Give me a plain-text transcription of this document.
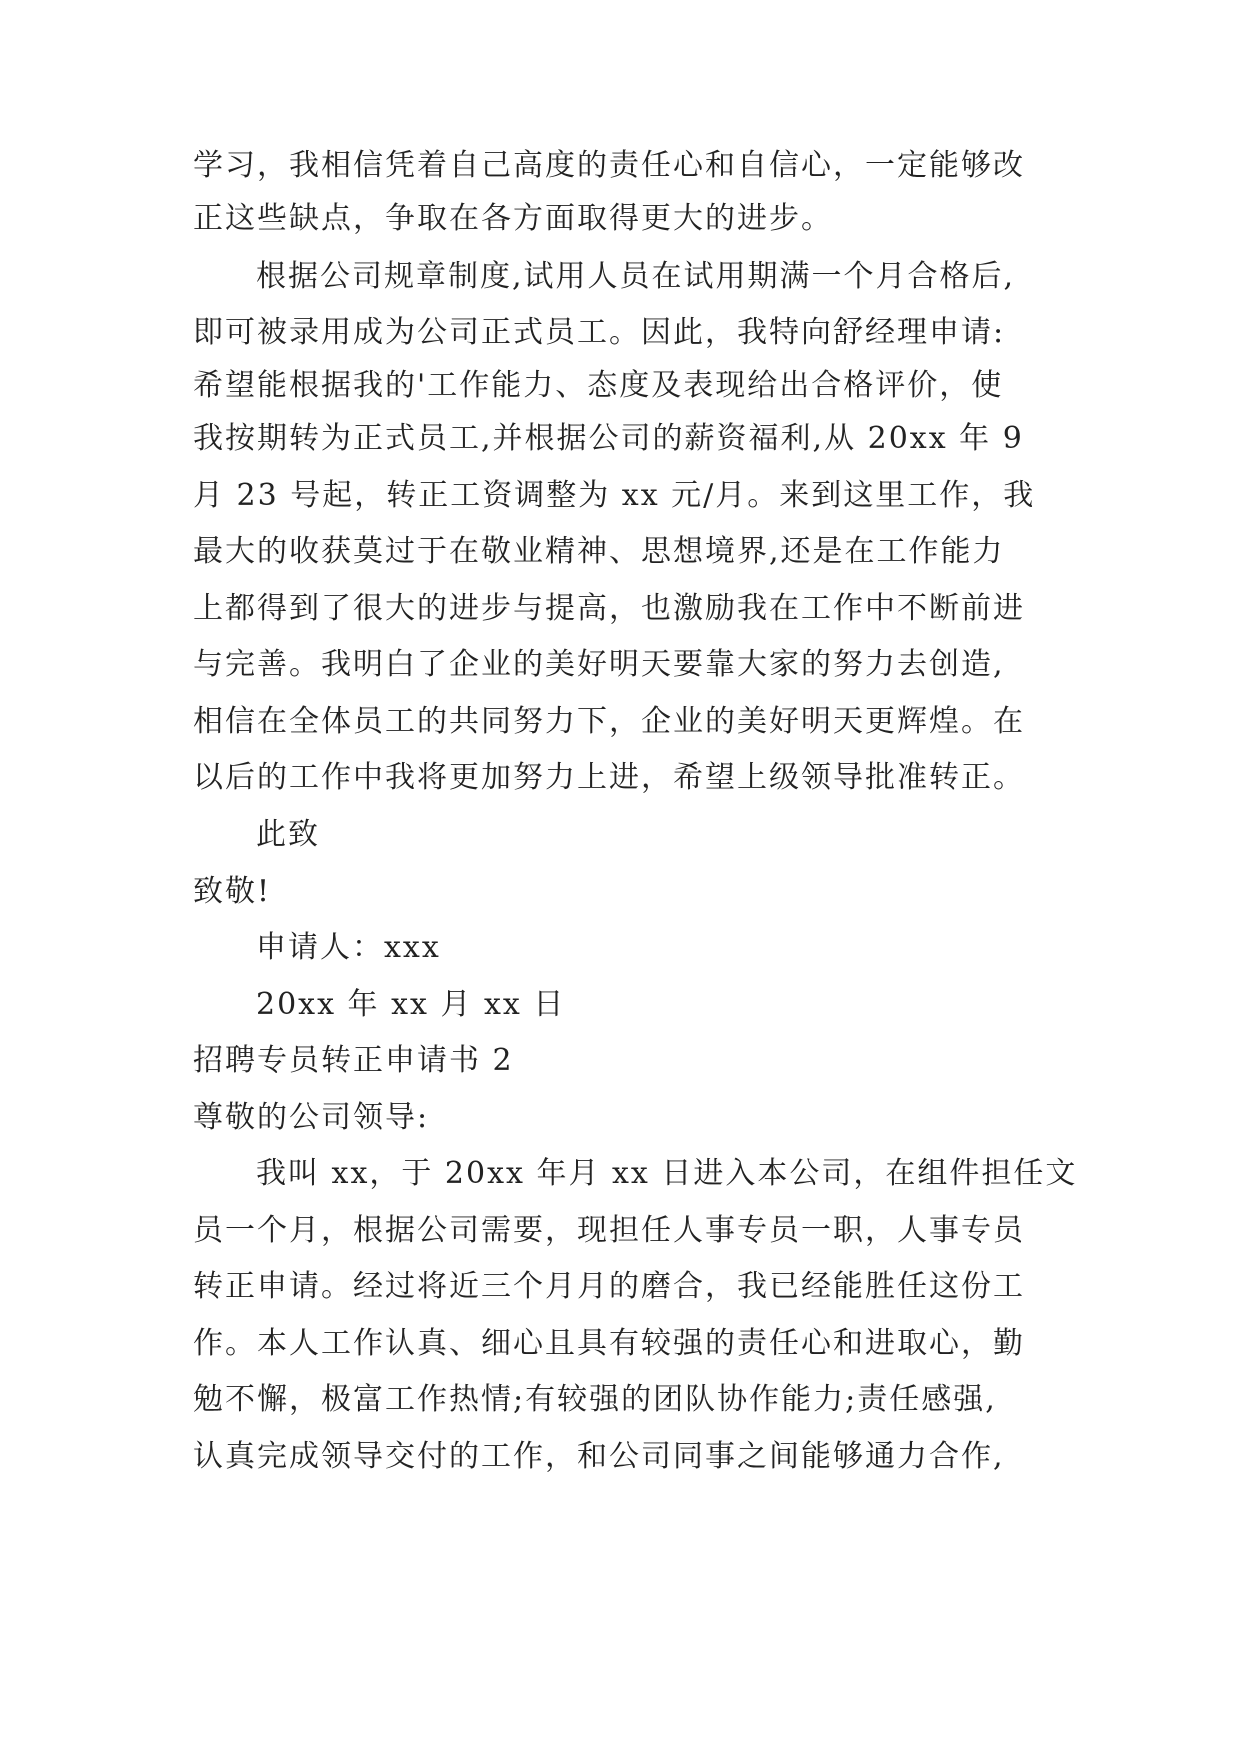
学习，我相信凭着自己高度的责任心和自信心，一定能够改

正这些缺点，争取在各方面取得更大的进步。

根据公司规章制度,试用人员在试用期满一个月合格后,

即可被录用成为公司正式员工。因此，我特向舒经理申请:

希望能根据我的'工作能力、态度及表现给出合格评价，使

我按期转为正式员工,并根据公司的薪资福利,从 20xx 年 9

月 23 号起，转正工资调整为 xx 元/月。来到这里工作，我

最大的收获莫过于在敬业精神、思想境界,还是在工作能力

上都得到了很大的进步与提高，也激励我在工作中不断前进

与完善。我明白了企业的美好明天要靠大家的努力去创造,

相信在全体员工的共同努力下，企业的美好明天更辉煌。在

以后的工作中我将更加努力上进，希望上级领导批准转正。

此致

致敬!

申请人：xxx

20xx 年 xx 月 xx 日

招聘专员转正申请书 2

尊敬的公司领导:

我叫 xx，于 20xx 年月 xx 日进入本公司，在组件担任文

员一个月，根据公司需要，现担任人事专员一职，人事专员

转正申请。经过将近三个月月的磨合，我已经能胜任这份工

作。本人工作认真、细心且具有较强的责任心和进取心，勤

勉不懈，极富工作热情;有较强的团队协作能力;责任感强,

认真完成领导交付的工作，和公司同事之间能够通力合作,
